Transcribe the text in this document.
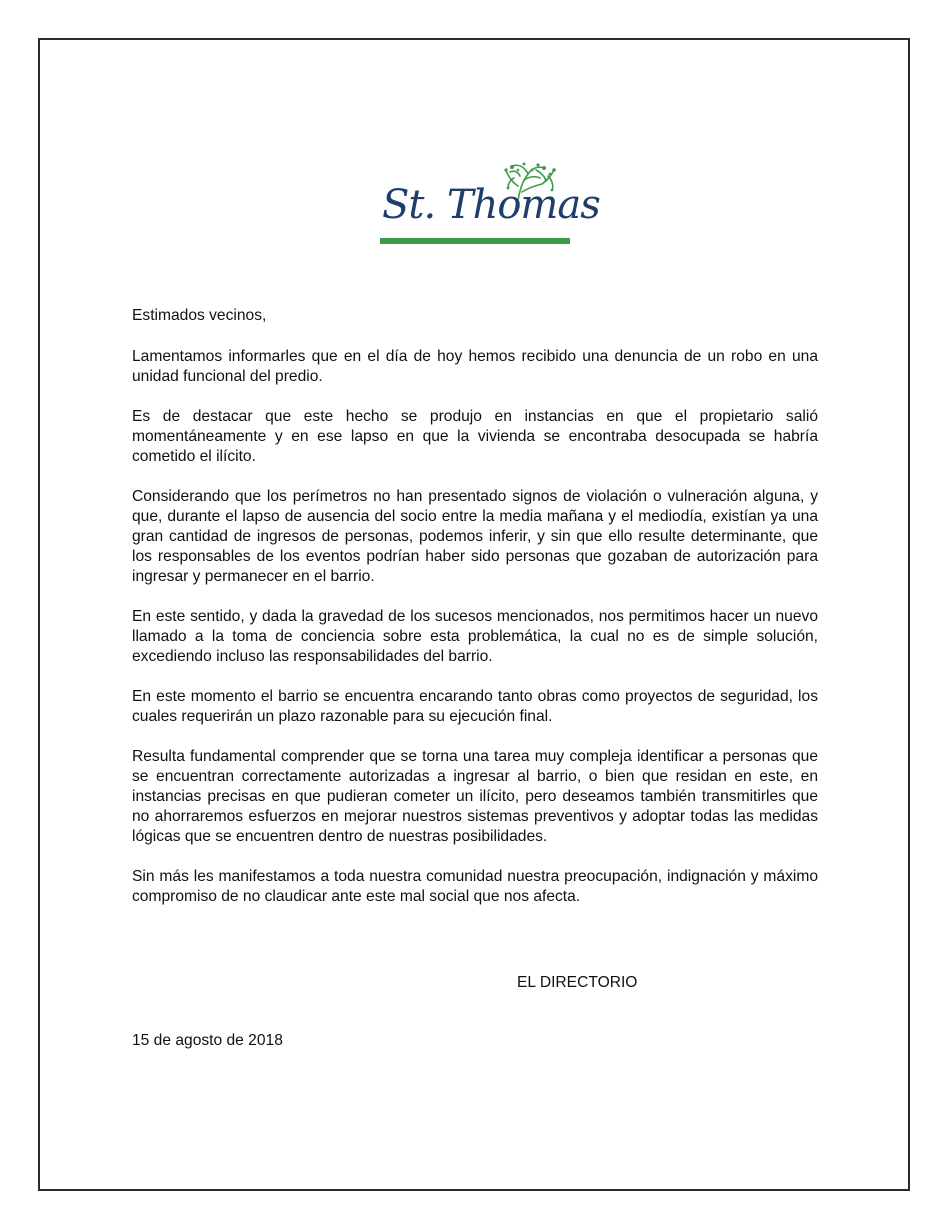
St. Thomas

Estimados vecinos,

Lamentamos informarles que en el día de hoy hemos recibido una denuncia de un robo en una unidad funcional del predio.

Es de destacar que este hecho se produjo en instancias en que el propietario salió momentáneamente y en ese lapso en que la vivienda se encontraba desocupada se habría cometido el ilícito.

Considerando que los perímetros no han presentado signos de violación o vulneración alguna, y que, durante el lapso de ausencia del socio entre la media mañana y el mediodía, existían ya una gran cantidad de ingresos de personas, podemos inferir, y sin que ello resulte determinante, que los responsables de los eventos podrían haber sido personas que gozaban de autorización para ingresar y permanecer en el barrio.

En este sentido, y dada la gravedad de los sucesos mencionados, nos permitimos hacer un nuevo llamado a la toma de conciencia sobre esta problemática, la cual no es de simple solución, excediendo incluso las responsabilidades del barrio.

En este momento el barrio se encuentra encarando tanto obras como proyectos de seguridad, los cuales requerirán un plazo razonable para su ejecución final.

Resulta fundamental comprender que se torna una tarea muy compleja identificar a personas que se encuentran correctamente autorizadas a ingresar al barrio, o bien que residan en este, en instancias precisas en que pudieran cometer un ilícito, pero deseamos también transmitirles que no ahorraremos esfuerzos en mejorar nuestros sistemas preventivos y adoptar todas las medidas lógicas que se encuentren dentro de nuestras posibilidades.

Sin más les manifestamos a toda nuestra comunidad nuestra preocupación, indignación y máximo compromiso de no claudicar ante este mal social que nos afecta.

EL DIRECTORIO
15 de agosto de 2018
